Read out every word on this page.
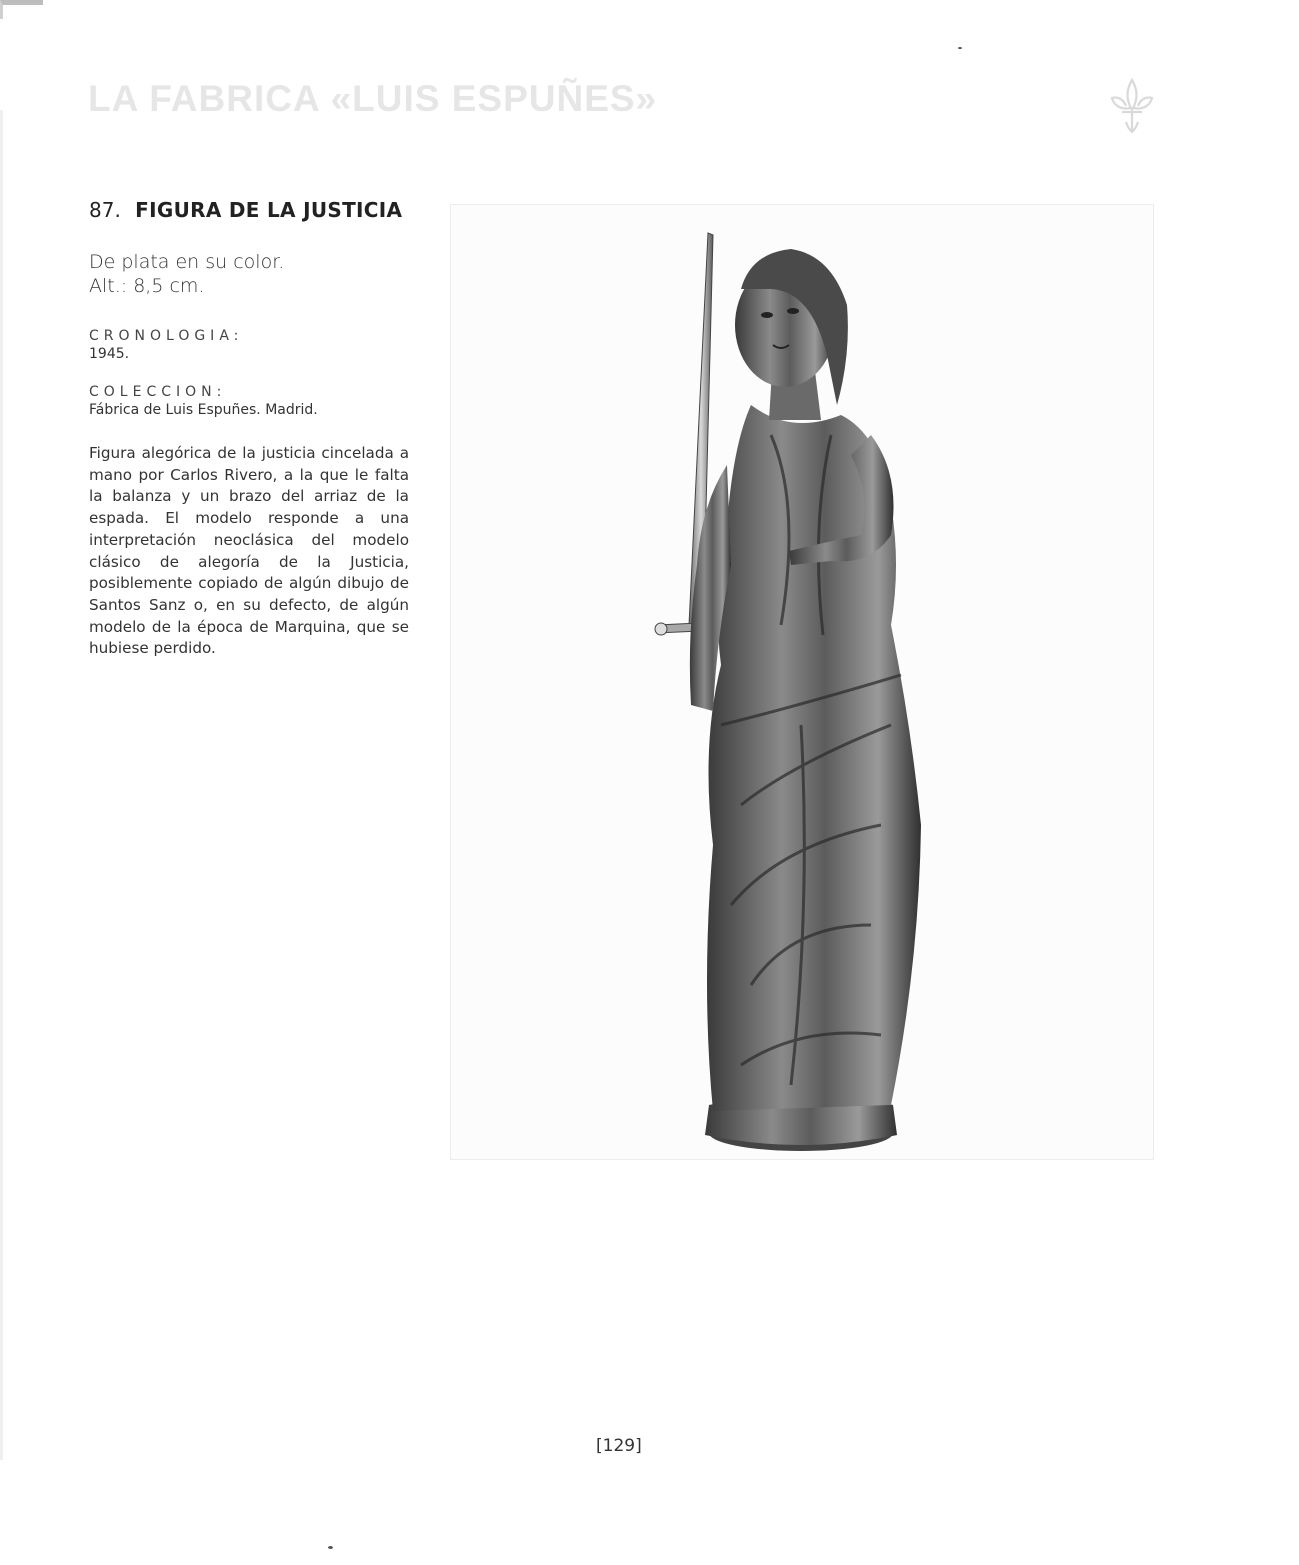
LA FABRICA «LUIS ESPUÑES»
87. FIGURA DE LA JUSTICIA
De plata en su color.
Alt.: 8,5 cm.
CRONOLOGIA:
1945.
COLECCION:
Fábrica de Luis Espuñes. Madrid.
Figura alegórica de la justicia cincelada a mano por Carlos Rivero, a la que le falta la balanza y un brazo del arriaz de la espada. El modelo responde a una interpretación neoclásica del modelo clásico de alegoría de la Justicia, posiblemente copiado de algún dibujo de Santos Sanz o, en su defecto, de algún modelo de la época de Marquina, que se hubiese perdido.
[129]
